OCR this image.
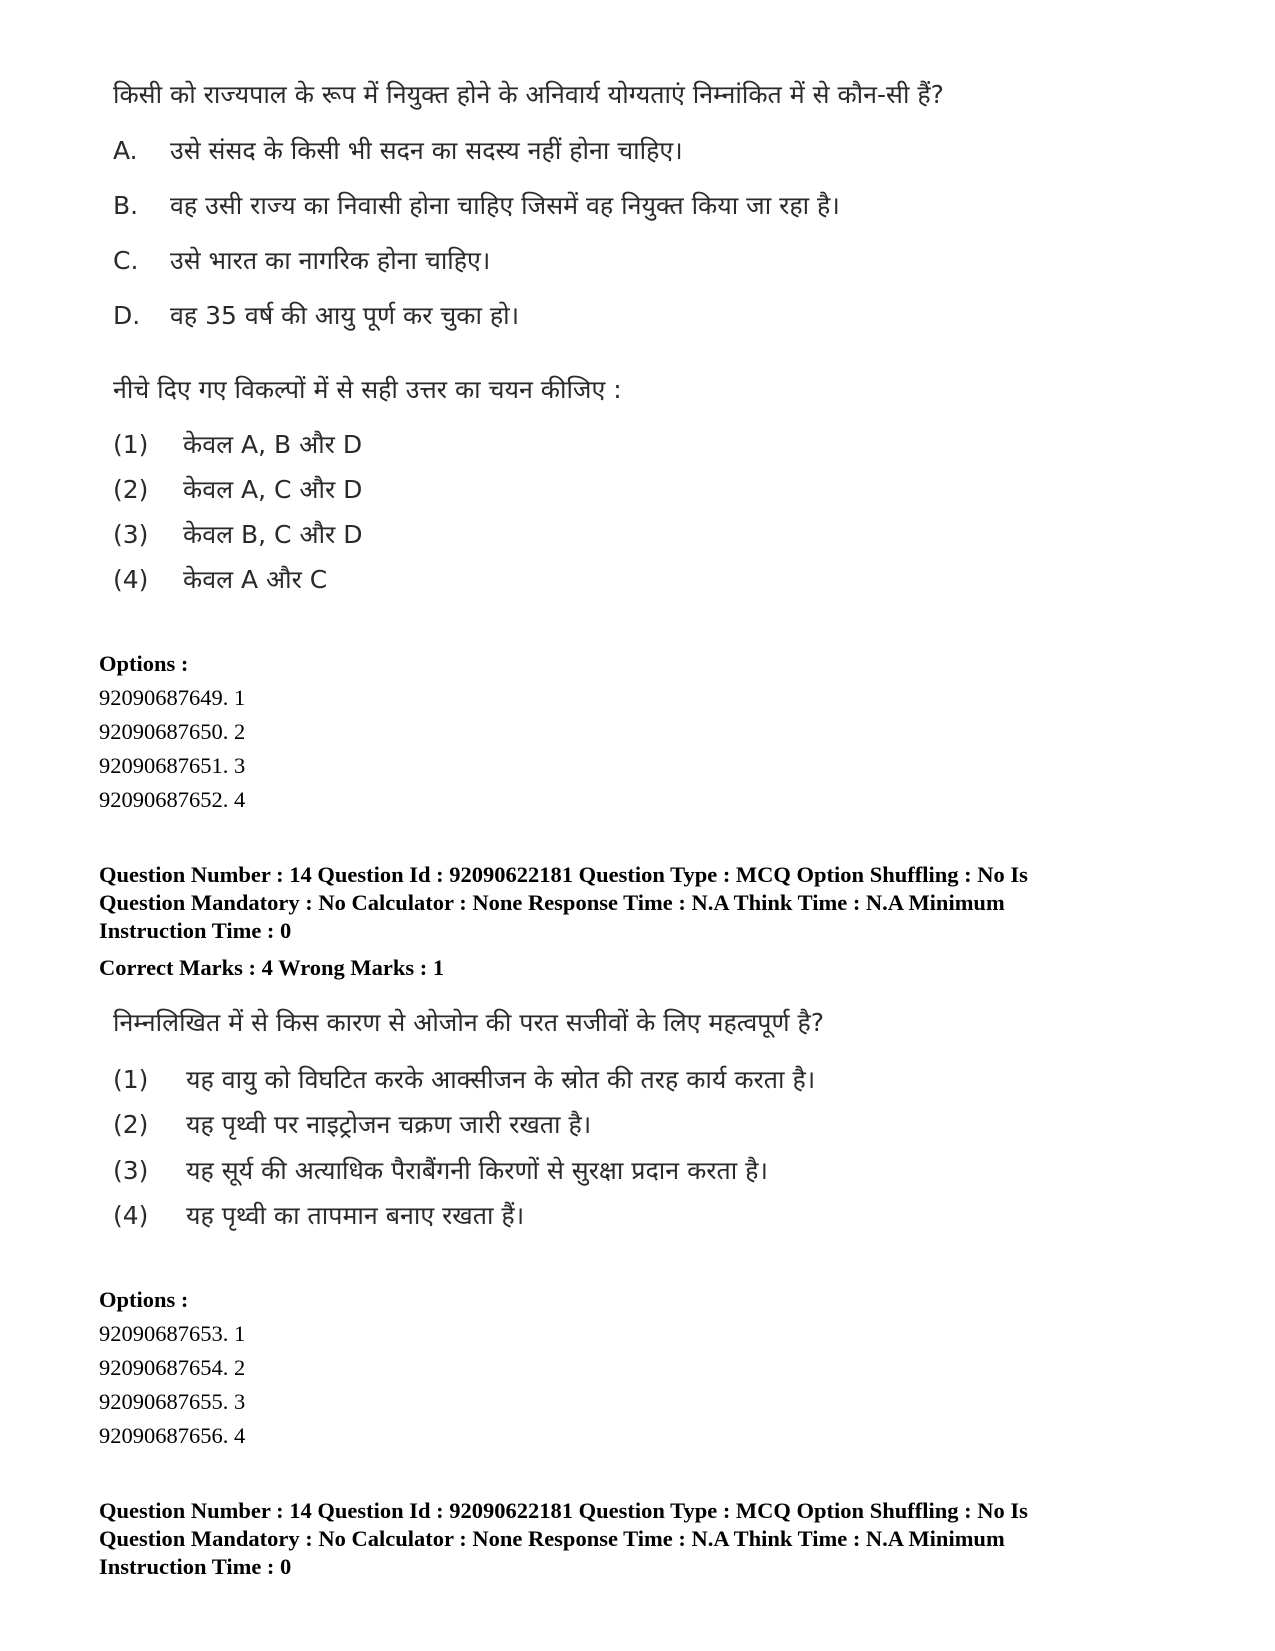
किसी को राज्यपाल के रूप में नियुक्त होने के अनिवार्य योग्यताएं निम्नांकित में से कौन-सी हैं?
A. उसे संसद के किसी भी सदन का सदस्य नहीं होना चाहिए।
B. वह उसी राज्य का निवासी होना चाहिए जिसमें वह नियुक्त किया जा रहा है।
C. उसे भारत का नागरिक होना चाहिए।
D. वह 35 वर्ष की आयु पूर्ण कर चुका हो।
नीचे दिए गए विकल्पों में से सही उत्तर का चयन कीजिए :
(1) केवल A, B और D
(2) केवल A, C और D
(3) केवल B, C और D
(4) केवल A और C
Options :
92090687649. 1
92090687650. 2
92090687651. 3
92090687652. 4
Question Number : 14 Question Id : 92090622181 Question Type : MCQ Option Shuffling : No Is
Question Mandatory : No Calculator : None Response Time : N.A Think Time : N.A Minimum
Instruction Time : 0
Correct Marks : 4 Wrong Marks : 1
निम्नलिखित में से किस कारण से ओजोन की परत सजीवों के लिए महत्वपूर्ण है?
(1) यह वायु को विघटित करके आक्सीजन के स्रोत की तरह कार्य करता है।
(2) यह पृथ्वी पर नाइट्रोजन चक्रण जारी रखता है।
(3) यह सूर्य की अत्याधिक पैराबैंगनी किरणों से सुरक्षा प्रदान करता है।
(4) यह पृथ्वी का तापमान बनाए रखता हैं।
Options :
92090687653. 1
92090687654. 2
92090687655. 3
92090687656. 4
Question Number : 14 Question Id : 92090622181 Question Type : MCQ Option Shuffling : No Is
Question Mandatory : No Calculator : None Response Time : N.A Think Time : N.A Minimum
Instruction Time : 0
